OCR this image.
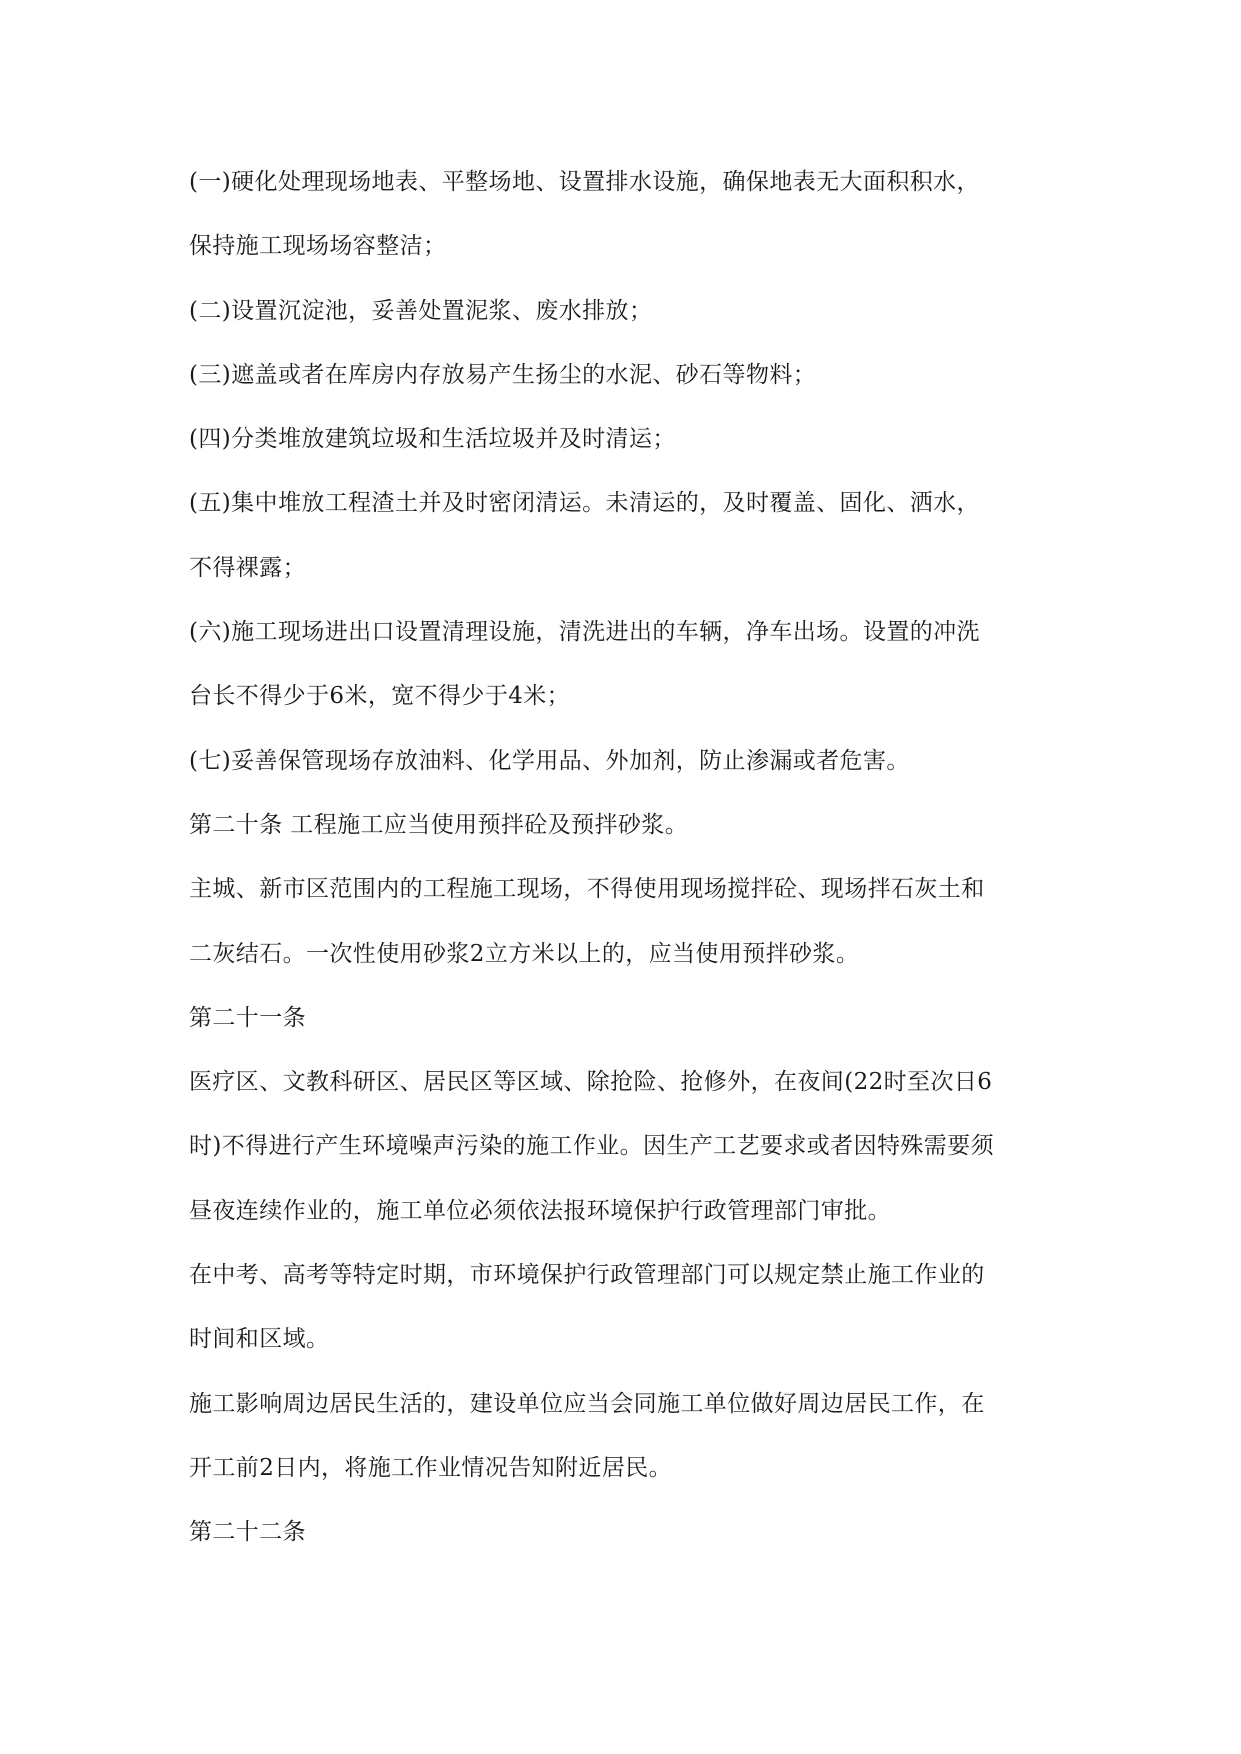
(一)硬化处理现场地表、平整场地、设置排水设施，确保地表无大面积积水，
保持施工现场场容整洁；
(二)设置沉淀池，妥善处置泥浆、废水排放；
(三)遮盖或者在库房内存放易产生扬尘的水泥、砂石等物料；
(四)分类堆放建筑垃圾和生活垃圾并及时清运；
(五)集中堆放工程渣土并及时密闭清运。未清运的，及时覆盖、固化、洒水，
不得裸露；
(六)施工现场进出口设置清理设施，清洗进出的车辆，净车出场。设置的冲洗
台长不得少于6米，宽不得少于4米；
(七)妥善保管现场存放油料、化学用品、外加剂，防止渗漏或者危害。
第二十条 工程施工应当使用预拌砼及预拌砂浆。
主城、新市区范围内的工程施工现场，不得使用现场搅拌砼、现场拌石灰土和
二灰结石。一次性使用砂浆2立方米以上的，应当使用预拌砂浆。
第二十一条
医疗区、文教科研区、居民区等区域、除抢险、抢修外，在夜间(22时至次日6
时)不得进行产生环境噪声污染的施工作业。因生产工艺要求或者因特殊需要须
昼夜连续作业的，施工单位必须依法报环境保护行政管理部门审批。
在中考、高考等特定时期，市环境保护行政管理部门可以规定禁止施工作业的
时间和区域。
施工影响周边居民生活的，建设单位应当会同施工单位做好周边居民工作，在
开工前2日内，将施工作业情况告知附近居民。
第二十二条
